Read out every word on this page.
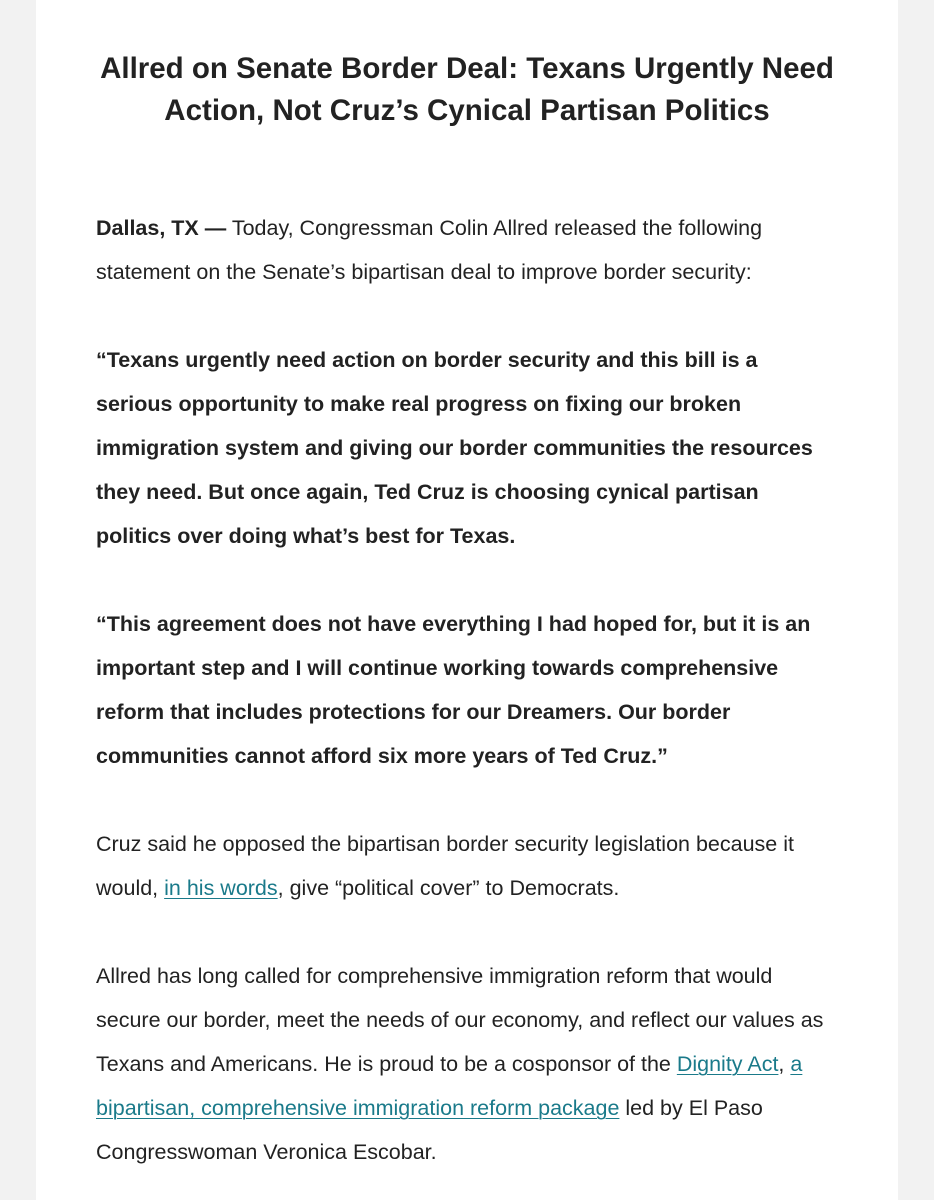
Allred on Senate Border Deal: Texans Urgently Need Action, Not Cruz’s Cynical Partisan Politics

Dallas, TX — Today, Congressman Colin Allred released the following statement on the Senate’s bipartisan deal to improve border security:

“Texans urgently need action on border security and this bill is a serious opportunity to make real progress on fixing our broken immigration system and giving our border communities the resources they need. But once again, Ted Cruz is choosing cynical partisan politics over doing what’s best for Texas.

“This agreement does not have everything I had hoped for, but it is an important step and I will continue working towards comprehensive reform that includes protections for our Dreamers. Our border communities cannot afford six more years of Ted Cruz.”

Cruz said he opposed the bipartisan border security legislation because it would, in his words, give “political cover” to Democrats.

Allred has long called for comprehensive immigration reform that would secure our border, meet the needs of our economy, and reflect our values as Texans and Americans. He is proud to be a cosponsor of the Dignity Act, a bipartisan, comprehensive immigration reform package led by El Paso Congresswoman Veronica Escobar.
